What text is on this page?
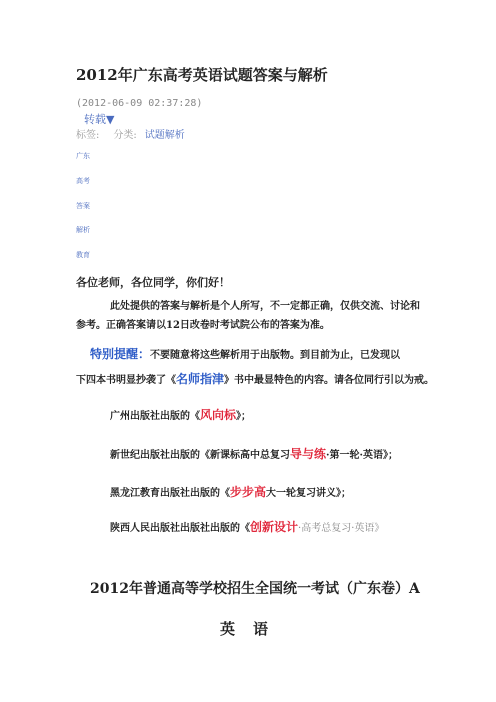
2012年广东高考英语试题答案与解析
(2012-06-09 02:37:28)
转载▼
标签: 分类: 试题解析
广东
高考
答案
解析
教育
各位老师，各位同学，你们好！
此处提供的答案与解析是个人所写，不一定都正确，仅供交流、讨论和
参考。正确答案请以12日改卷时考试院公布的答案为准。
特别提醒：不要随意将这些解析用于出版物。到目前为止，已发现以
下四本书明显抄袭了《名师指津》书中最显特色的内容。请各位同行引以为戒。
广州出版社出版的《风向标》；
新世纪出版社出版的《新课标高中总复习导与练·第一轮·英语》；
黑龙江教育出版社出版的《步步高大一轮复习讲义》；
陕西人民出版社出版社出版的《创新设计·高考总复习·英语》
2012年普通高等学校招生全国统一考试（广东卷）A
英语
